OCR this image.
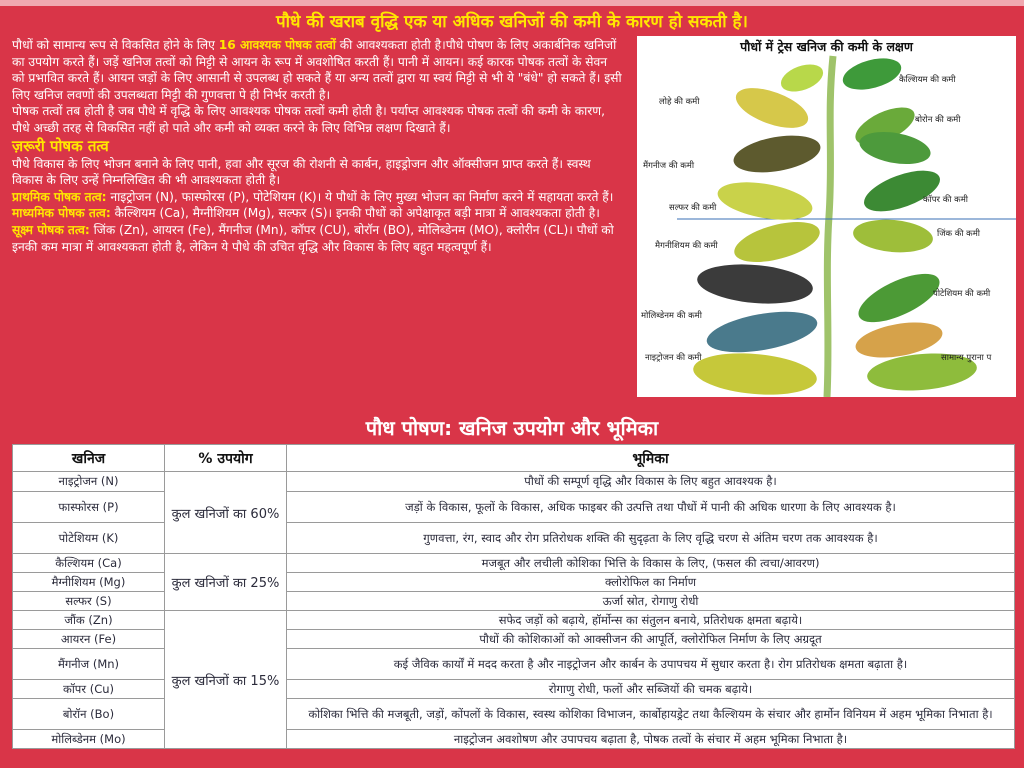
पौधे की खराब वृद्धि एक या अधिक खनिजों की कमी के कारण हो सकती है।

पौधों को सामान्य रूप से विकसित होने के लिए 16 आवश्यक पोषक तत्वों की आवश्यकता होती है।पौधे पोषण के लिए अकार्बनिक खनिजों का उपयोग करते हैं। जड़ें खनिज तत्वों को मिट्टी से आयन के रूप में अवशोषित करती हैं। पानी में आयन। कई कारक पोषक तत्वों के सेवन को प्रभावित करते हैं। आयन जड़ों के लिए आसानी से उपलब्ध हो सकते हैं या अन्य तत्वों द्वारा या स्वयं मिट्टी से भी ये "बंधे" हो सकते हैं। इसी लिए खनिज लवणों की उपलब्धता मिट्टी की गुणवत्ता पे ही निर्भर करती है।

पोषक तत्वों तब होती है जब पौधे में वृद्धि के लिए आवश्यक पोषक तत्वों कमी होती है। पर्याप्त आवश्यक पोषक तत्वों की कमी के कारण, पौधे अच्छी तरह से विकसित नहीं हो पाते और कमी को व्यक्त करने के लिए विभिन्न लक्षण दिखाते हैं।

ज़रूरी पोषक तत्व

पौधे विकास के लिए भोजन बनाने के लिए पानी, हवा और सूरज की रोशनी से कार्बन, हाइड्रोजन और ऑक्सीजन प्राप्त करते हैं। स्वस्थ विकास के लिए उन्हें निम्नलिखित की भी आवश्यकता होती है।

प्राथमिक पोषक तत्व: नाइट्रोजन (N), फास्फोरस (P), पोटेशियम (K)। ये पौधों के लिए मुख्य भोजन का निर्माण करने में सहायता करते हैं।

माध्यमिक पोषक तत्व: कैल्शियम (Ca), मैग्नीशियम (Mg), सल्फर (S)। इनकी पौधों को अपेक्षाकृत बड़ी मात्रा में आवश्यकता होती है।

सूक्ष्म पोषक तत्व: जिंक (Zn), आयरन (Fe), मैंगनीज (Mn), कॉपर (CU), बोरॉन (BO), मोलिब्डेनम (MO), क्लोरीन (CL)। पौधों को इनकी कम मात्रा में आवश्यकता होती है, लेकिन ये पौधे की उचित वृद्धि और विकास के लिए बहुत महत्वपूर्ण हैं।

पौधों में ट्रेस खनिज की कमी के लक्षण
कैल्शियम की कमी
लोहे की कमी
बोरोन की कमी
मैंगनीज की कमी
कॉपर की कमी
सल्फर की कमी
जिंक की कमी
मैगनीशियम की कमी
पोटेशियम की कमी
मोलिब्डेनम की कमी
नाइट्रोजन की कमी	सामान्य पुराना प
पौध पोषण: खनिज उपयोग और भूमिका
खनिज	% उपयोग	भूमिका
नाइट्रोजन (N)	कुल खनिजों का 60%	पौधों की सम्पूर्ण वृद्धि और विकास के लिए बहुत आवश्यक है।
फास्फोरस (P)		जड़ों के विकास, फूलों के विकास, अधिक फाइबर की उत्पत्ति तथा पौधों में पानी की अधिक धारणा के लिए आवश्यक है।
पोटेशियम (K)		गुणवत्ता, रंग, स्वाद और रोग प्रतिरोधक शक्ति की सुदृढ़ता के लिए वृद्धि चरण से अंतिम चरण तक आवश्यक है।
कैल्शियम (Ca)	कुल खनिजों का 25%	मजबूत और लचीली कोशिका भित्ति के विकास के लिए, (फसल की त्वचा/आवरण)
मैग्नीशियम (Mg)		क्लोरोफिल का निर्माण
सल्फर (S)		ऊर्जा स्रोत, रोगाणु रोधी
जौंक (Zn)	कुल खनिजों का 15%	सफेद जड़ों को बढ़ाये, हॉर्मोन्स का संतुलन बनाये, प्रतिरोधक क्षमता बढ़ाये।
आयरन (Fe)		पौधों की कोशिकाओं को आक्सीजन की आपूर्ति, क्लोरोफिल निर्माण के लिए अग्रदूत
मैंगनीज (Mn)		कई जैविक कार्यों में मदद करता है और नाइट्रोजन और कार्बन के उपापचय में सुधार करता है। रोग प्रतिरोधक क्षमता बढ़ाता है।
कॉपर (Cu)		रोगाणु रोधी, फलों और सब्जियों की चमक बढ़ाये।
बोरॉन (Bo)		कोशिका भित्ति की मजबूती, जड़ों, कोंपलों के विकास, स्वस्थ कोशिका विभाजन, कार्बोहायड्रेट तथा कैल्शियम के संचार और हार्मोन विनियम में अहम भूमिका निभाता है।
मोलिब्डेनम (Mo)		नाइट्रोजन अवशोषण और उपापचय बढ़ाता है, पोषक तत्वों के संचार में अहम भूमिका निभाता है।
